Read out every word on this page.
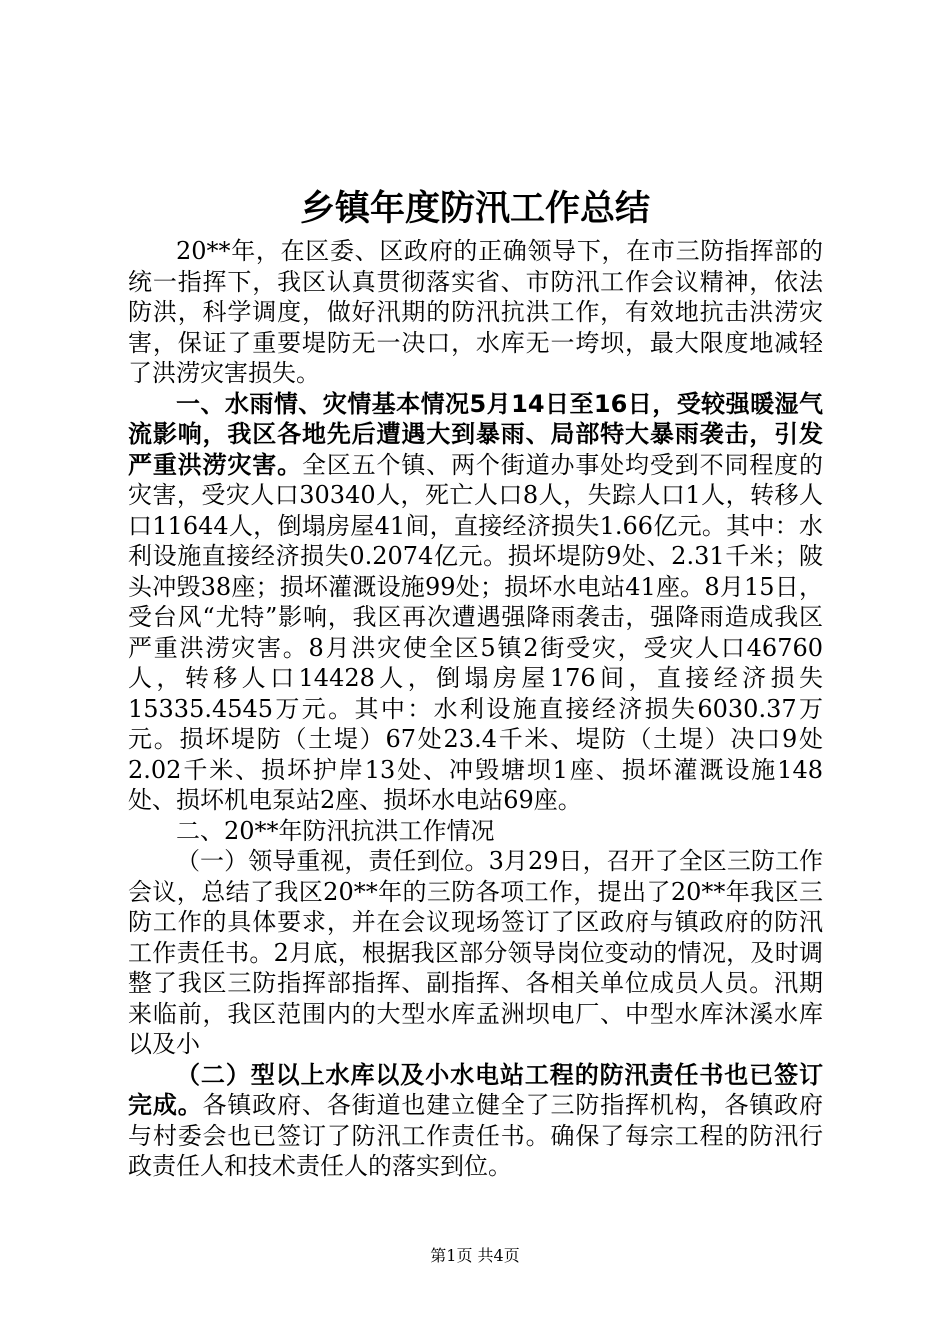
乡镇年度防汛工作总结

20**年，在区委、区政府的正确领导下，在市三防指挥部的统一指挥下，我区认真贯彻落实省、市防汛工作会议精神，依法防洪，科学调度，做好汛期的防汛抗洪工作，有效地抗击洪涝灾害，保证了重要堤防无一决口，水库无一垮坝，最大限度地减轻了洪涝灾害损失。

一、水雨情、灾情基本情况5月14日至16日，受较强暖湿气流影响，我区各地先后遭遇大到暴雨、局部特大暴雨袭击，引发严重洪涝灾害。全区五个镇、两个街道办事处均受到不同程度的灾害，受灾人口30340人，死亡人口8人，失踪人口1人，转移人口11644人，倒塌房屋41间，直接经济损失1.66亿元。其中：水利设施直接经济损失0.2074亿元。损坏堤防9处、2.31千米；陂头冲毁38座；损坏灌溉设施99处；损坏水电站41座。8月15日，受台风“尤特”影响，我区再次遭遇强降雨袭击，强降雨造成我区严重洪涝灾害。8月洪灾使全区5镇2街受灾，受灾人口46760人，转移人口14428人，倒塌房屋176间，直接经济损失15335.4545万元。其中：水利设施直接经济损失6030.37万元。损坏堤防（土堤）67处23.4千米、堤防（土堤）决口9处2.02千米、损坏护岸13处、冲毁塘坝1座、损坏灌溉设施148处、损坏机电泵站2座、损坏水电站69座。

二、20**年防汛抗洪工作情况

（一）领导重视，责任到位。3月29日，召开了全区三防工作会议，总结了我区20**年的三防各项工作，提出了20**年我区三防工作的具体要求，并在会议现场签订了区政府与镇政府的防汛工作责任书。2月底，根据我区部分领导岗位变动的情况，及时调整了我区三防指挥部指挥、副指挥、各相关单位成员人员。汛期来临前，我区范围内的大型水库孟洲坝电厂、中型水库沐溪水库以及小

（二）型以上水库以及小水电站工程的防汛责任书也已签订完成。各镇政府、各街道也建立健全了三防指挥机构，各镇政府与村委会也已签订了防汛工作责任书。确保了每宗工程的防汛行政责任人和技术责任人的落实到位。

第1页 共4页
